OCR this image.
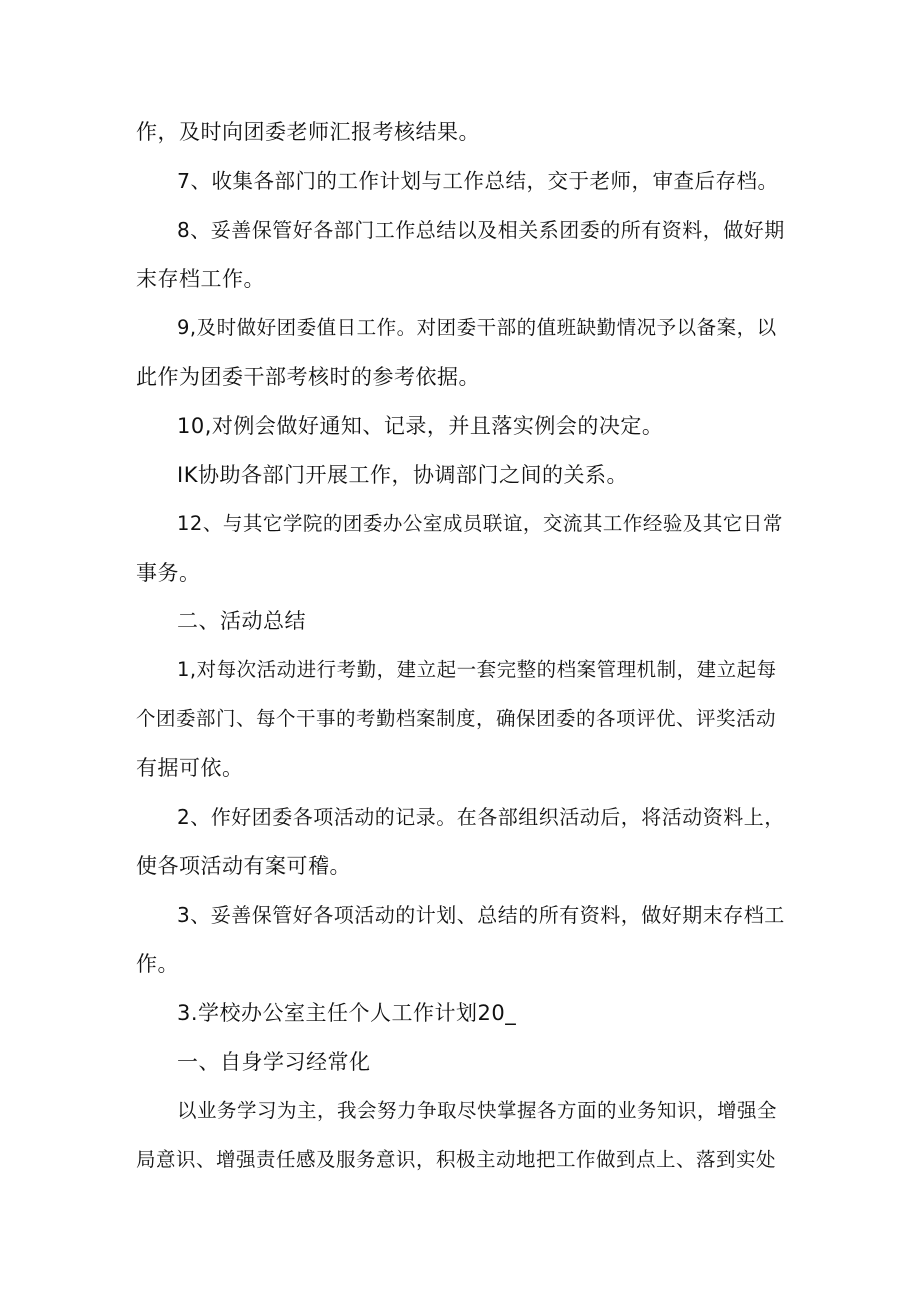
作，及时向团委老师汇报考核结果。
7、收集各部门的工作计划与工作总结，交于老师，审查后存档。
8、妥善保管好各部门工作总结以及相关系团委的所有资料，做好期
末存档工作。
9,及时做好团委值日工作。对团委干部的值班缺勤情况予以备案，以
此作为团委干部考核时的参考依据。
10,对例会做好通知、记录，并且落实例会的决定。
IK协助各部门开展工作，协调部门之间的关系。
12、与其它学院的团委办公室成员联谊，交流其工作经验及其它日常
事务。
二、活动总结
1,对每次活动进行考勤，建立起一套完整的档案管理机制，建立起每
个团委部门、每个干事的考勤档案制度，确保团委的各项评优、评奖活动
有据可依。
2、作好团委各项活动的记录。在各部组织活动后，将活动资料上，
使各项活动有案可稽。
3、妥善保管好各项活动的计划、总结的所有资料，做好期末存档工
作。
3.学校办公室主任个人工作计划20_
一、自身学习经常化
以业务学习为主，我会努力争取尽快掌握各方面的业务知识，增强全
局意识、增强责任感及服务意识，积极主动地把工作做到点上、落到实处
